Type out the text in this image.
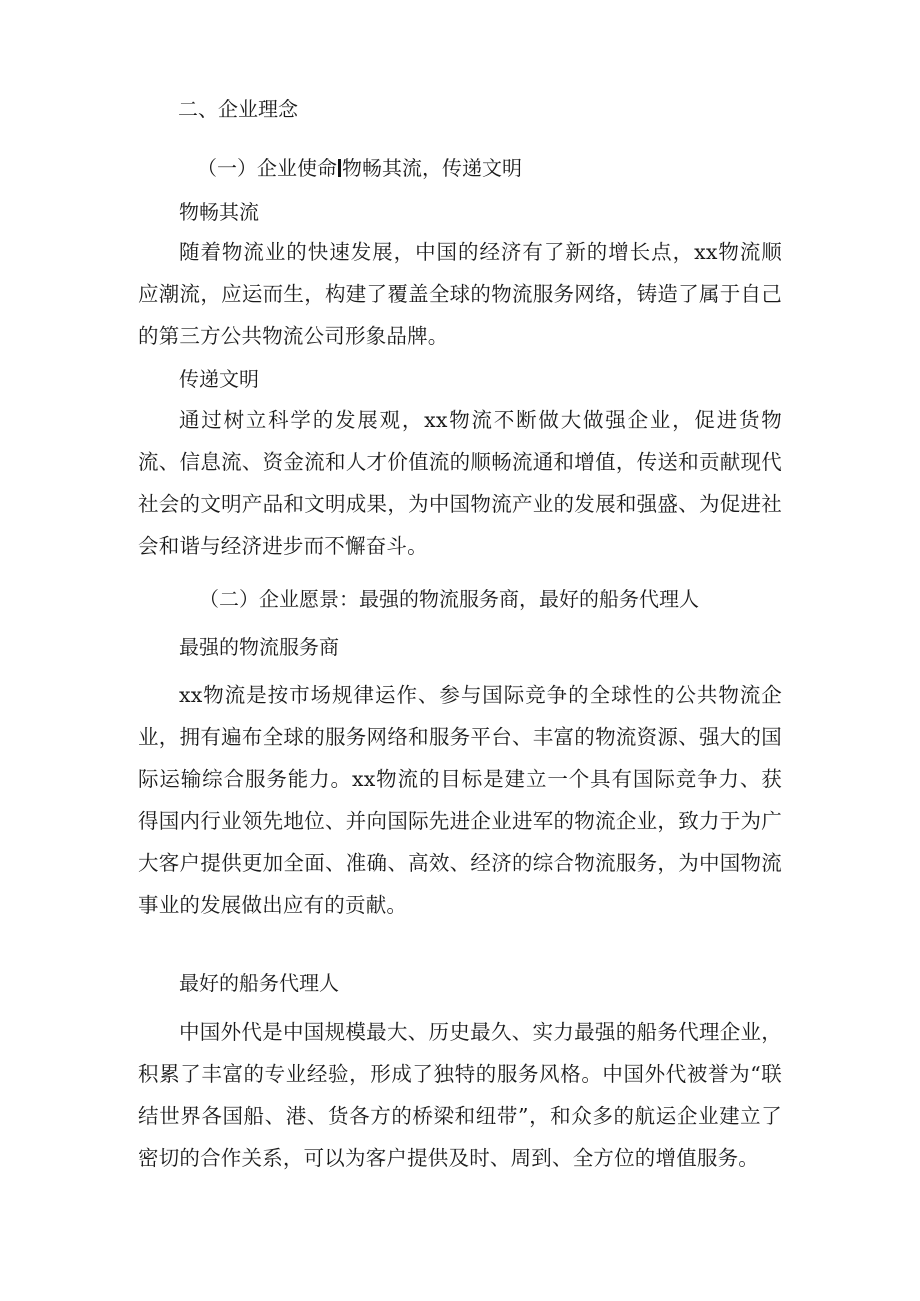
二、企业理念
（一）企业使命 物畅其流，传递文明
物畅其流

随着物流业的快速发展，中国的经济有了新的增长点，xx物流顺应潮流，应运而生，构建了覆盖全球的物流服务网络，铸造了属于自己的第三方公共物流公司形象品牌。

传递文明

通过树立科学的发展观，xx物流不断做大做强企业，促进货物流、信息流、资金流和人才价值流的顺畅流通和增值，传送和贡献现代社会的文明产品和文明成果，为中国物流产业的发展和强盛、为促进社会和谐与经济进步而不懈奋斗。

（二）企业愿景：最强的物流服务商，最好的船务代理人
最强的物流服务商

xx物流是按市场规律运作、参与国际竞争的全球性的公共物流企业，拥有遍布全球的服务网络和服务平台、丰富的物流资源、强大的国际运输综合服务能力。xx物流的目标是建立一个具有国际竞争力、获得国内行业领先地位、并向国际先进企业进军的物流企业，致力于为广大客户提供更加全面、准确、高效、经济的综合物流服务，为中国物流事业的发展做出应有的贡献。

最好的船务代理人

中国外代是中国规模最大、历史最久、实力最强的船务代理企业，积累了丰富的专业经验，形成了独特的服务风格。中国外代被誉为“联结世界各国船、港、货各方的桥梁和纽带”，和众多的航运企业建立了密切的合作关系，可以为客户提供及时、周到、全方位的增值服务。
